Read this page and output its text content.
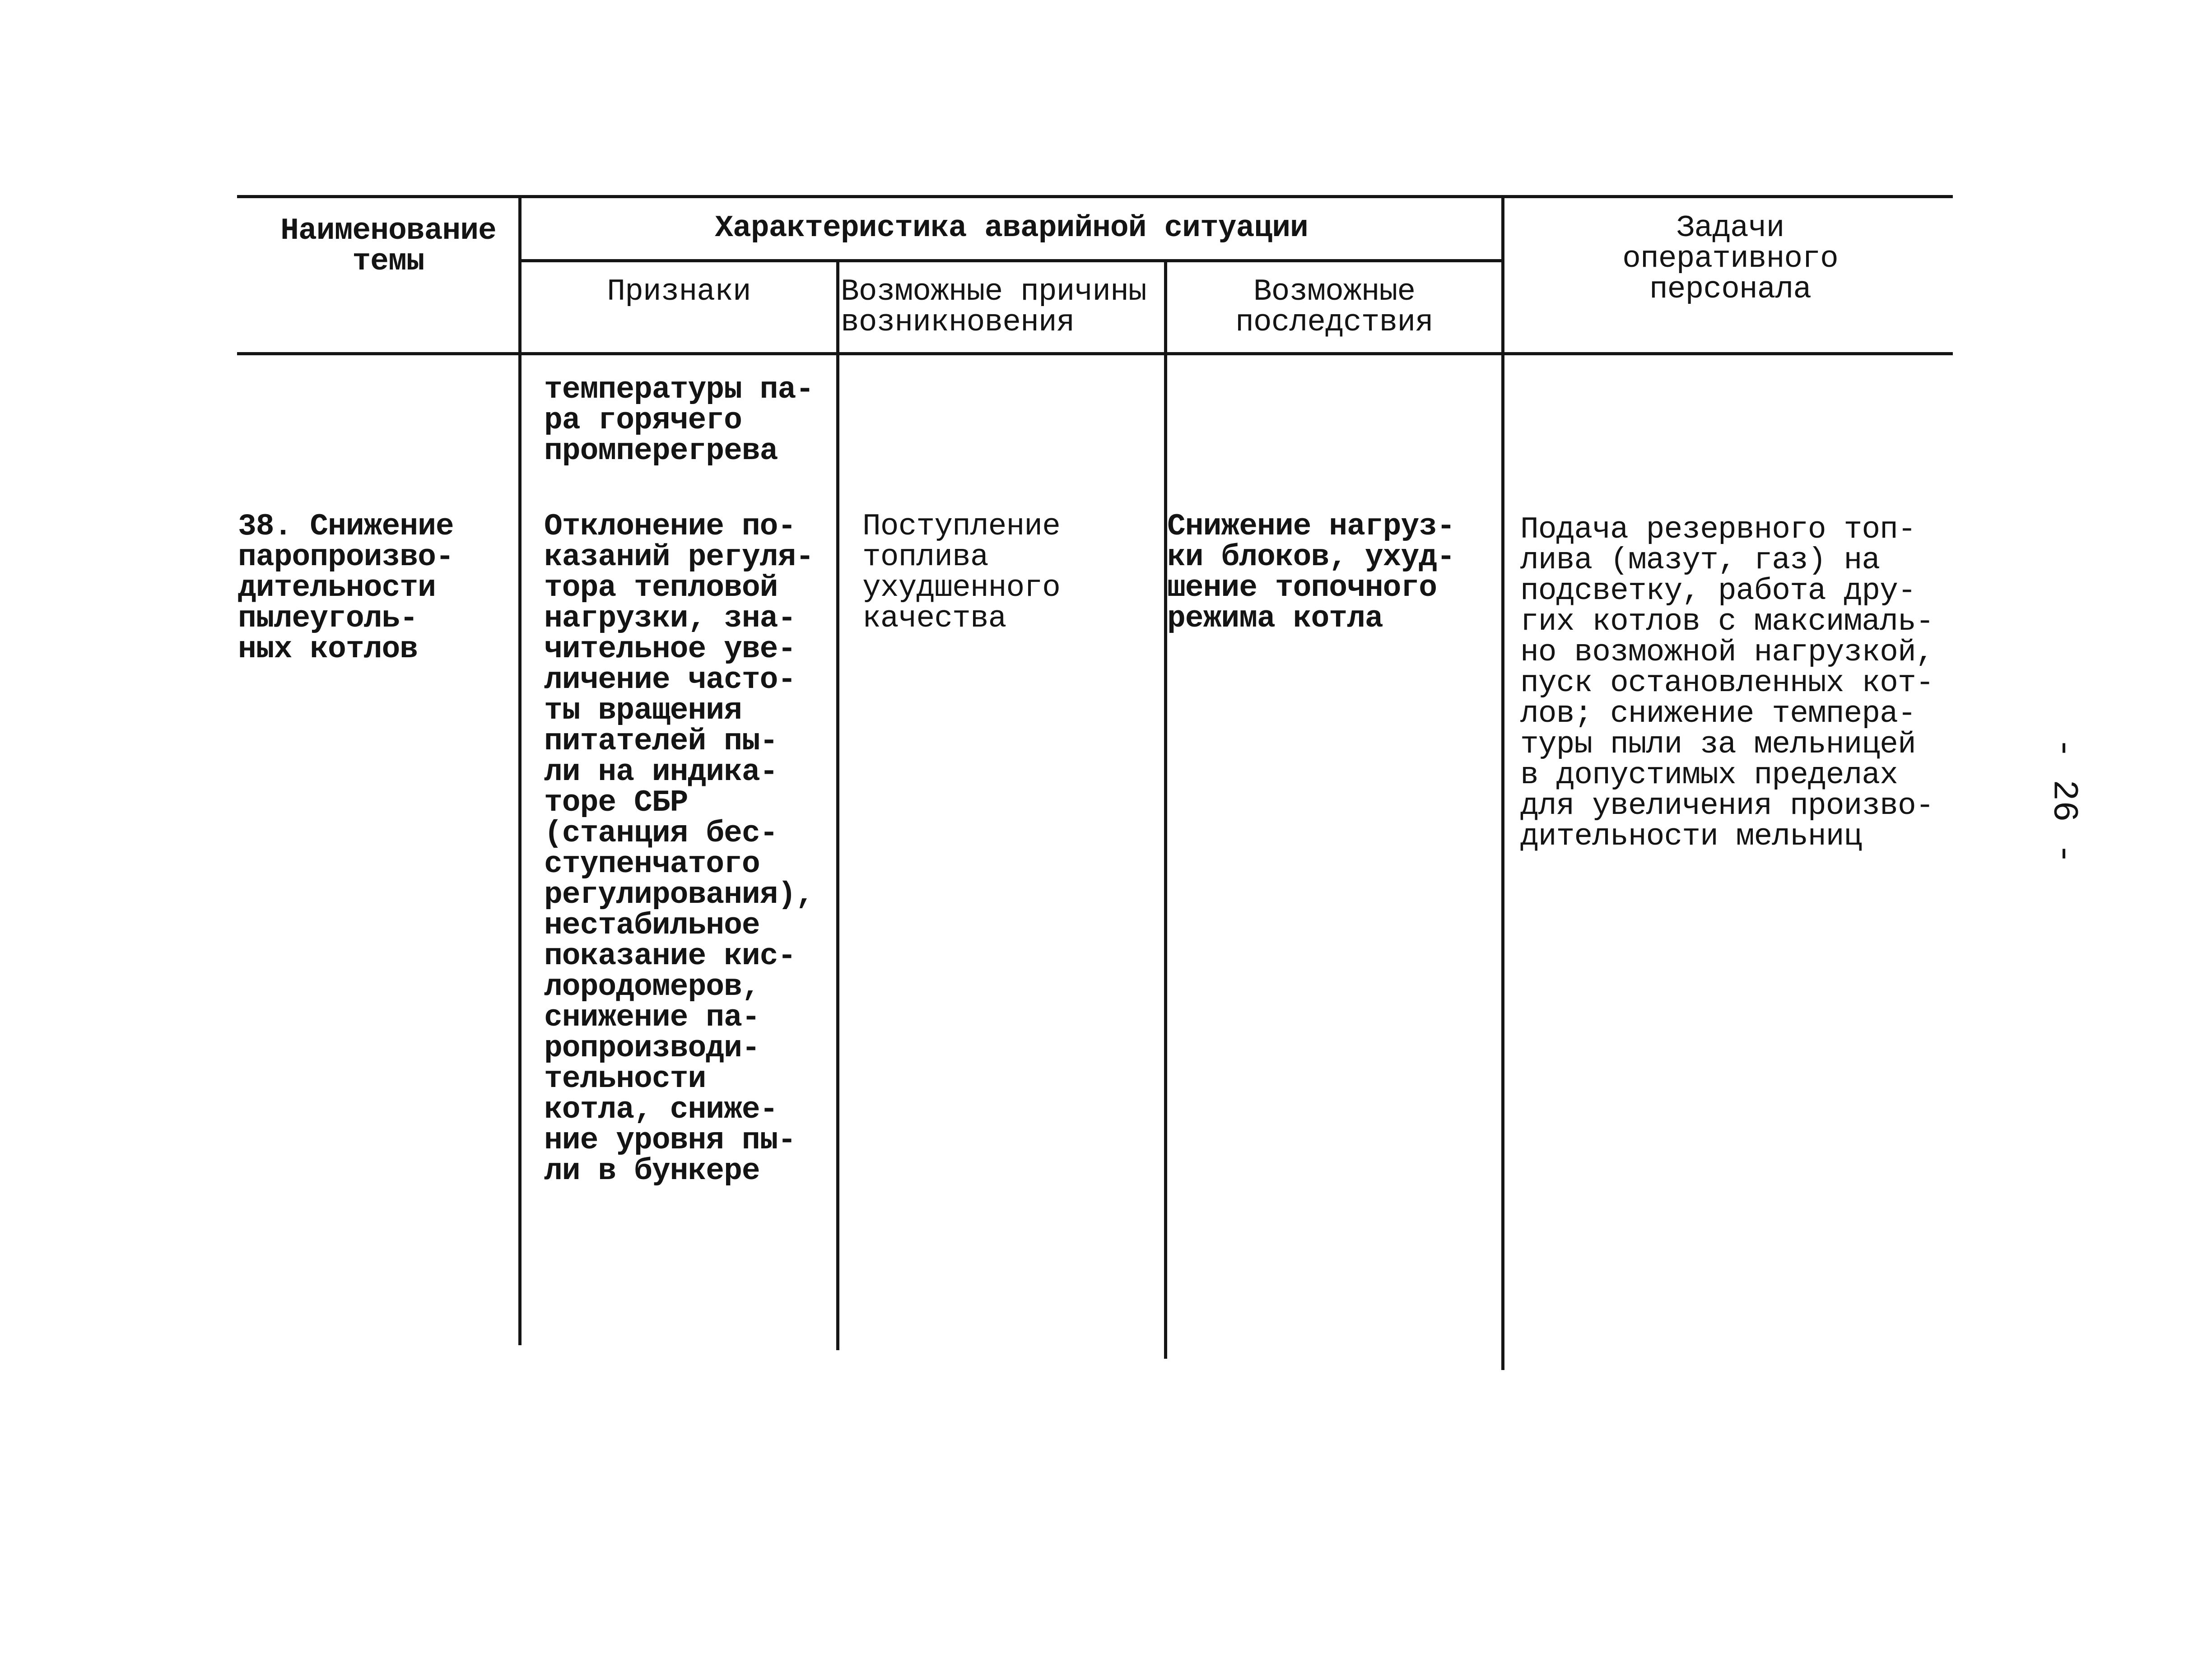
Наименование
темы
Характеристика аварийной ситуации
Признаки	Возможные причины
возникновения
Возможные
последствия
Задачи
оперативного
персонала
температуры па-
ра горячего
промперегрева
38. Снижение
паропроизво-
дительности
пылеуголь-
ных котлов
Отклонение по-
казаний регуля-
тора тепловой
нагрузки, зна-
чительное уве-
личение часто-
ты вращения
питателей пы-
ли на индика-
торе СБР
(станция бес-
ступенчатого
регулирования),
нестабильное
показание кис-
лородомеров,
снижение па-
ропроизводи-
тельности
котла, сниже-
ние уровня пы-
ли в бункере
Поступление
топлива
ухудшенного
качества
Снижение нагруз-
ки блоков, ухуд-
шение топочного
режима котла
Подача резервного топ-
лива (мазут, газ) на
подсветку, работа дру-
гих котлов с максималь-
но возможной нагрузкой,
пуск остановленных кот-
лов; снижение темпера-
туры пыли за мельницей
в допустимых пределах
для увеличения произво-
дительности мельниц	- 26 -
